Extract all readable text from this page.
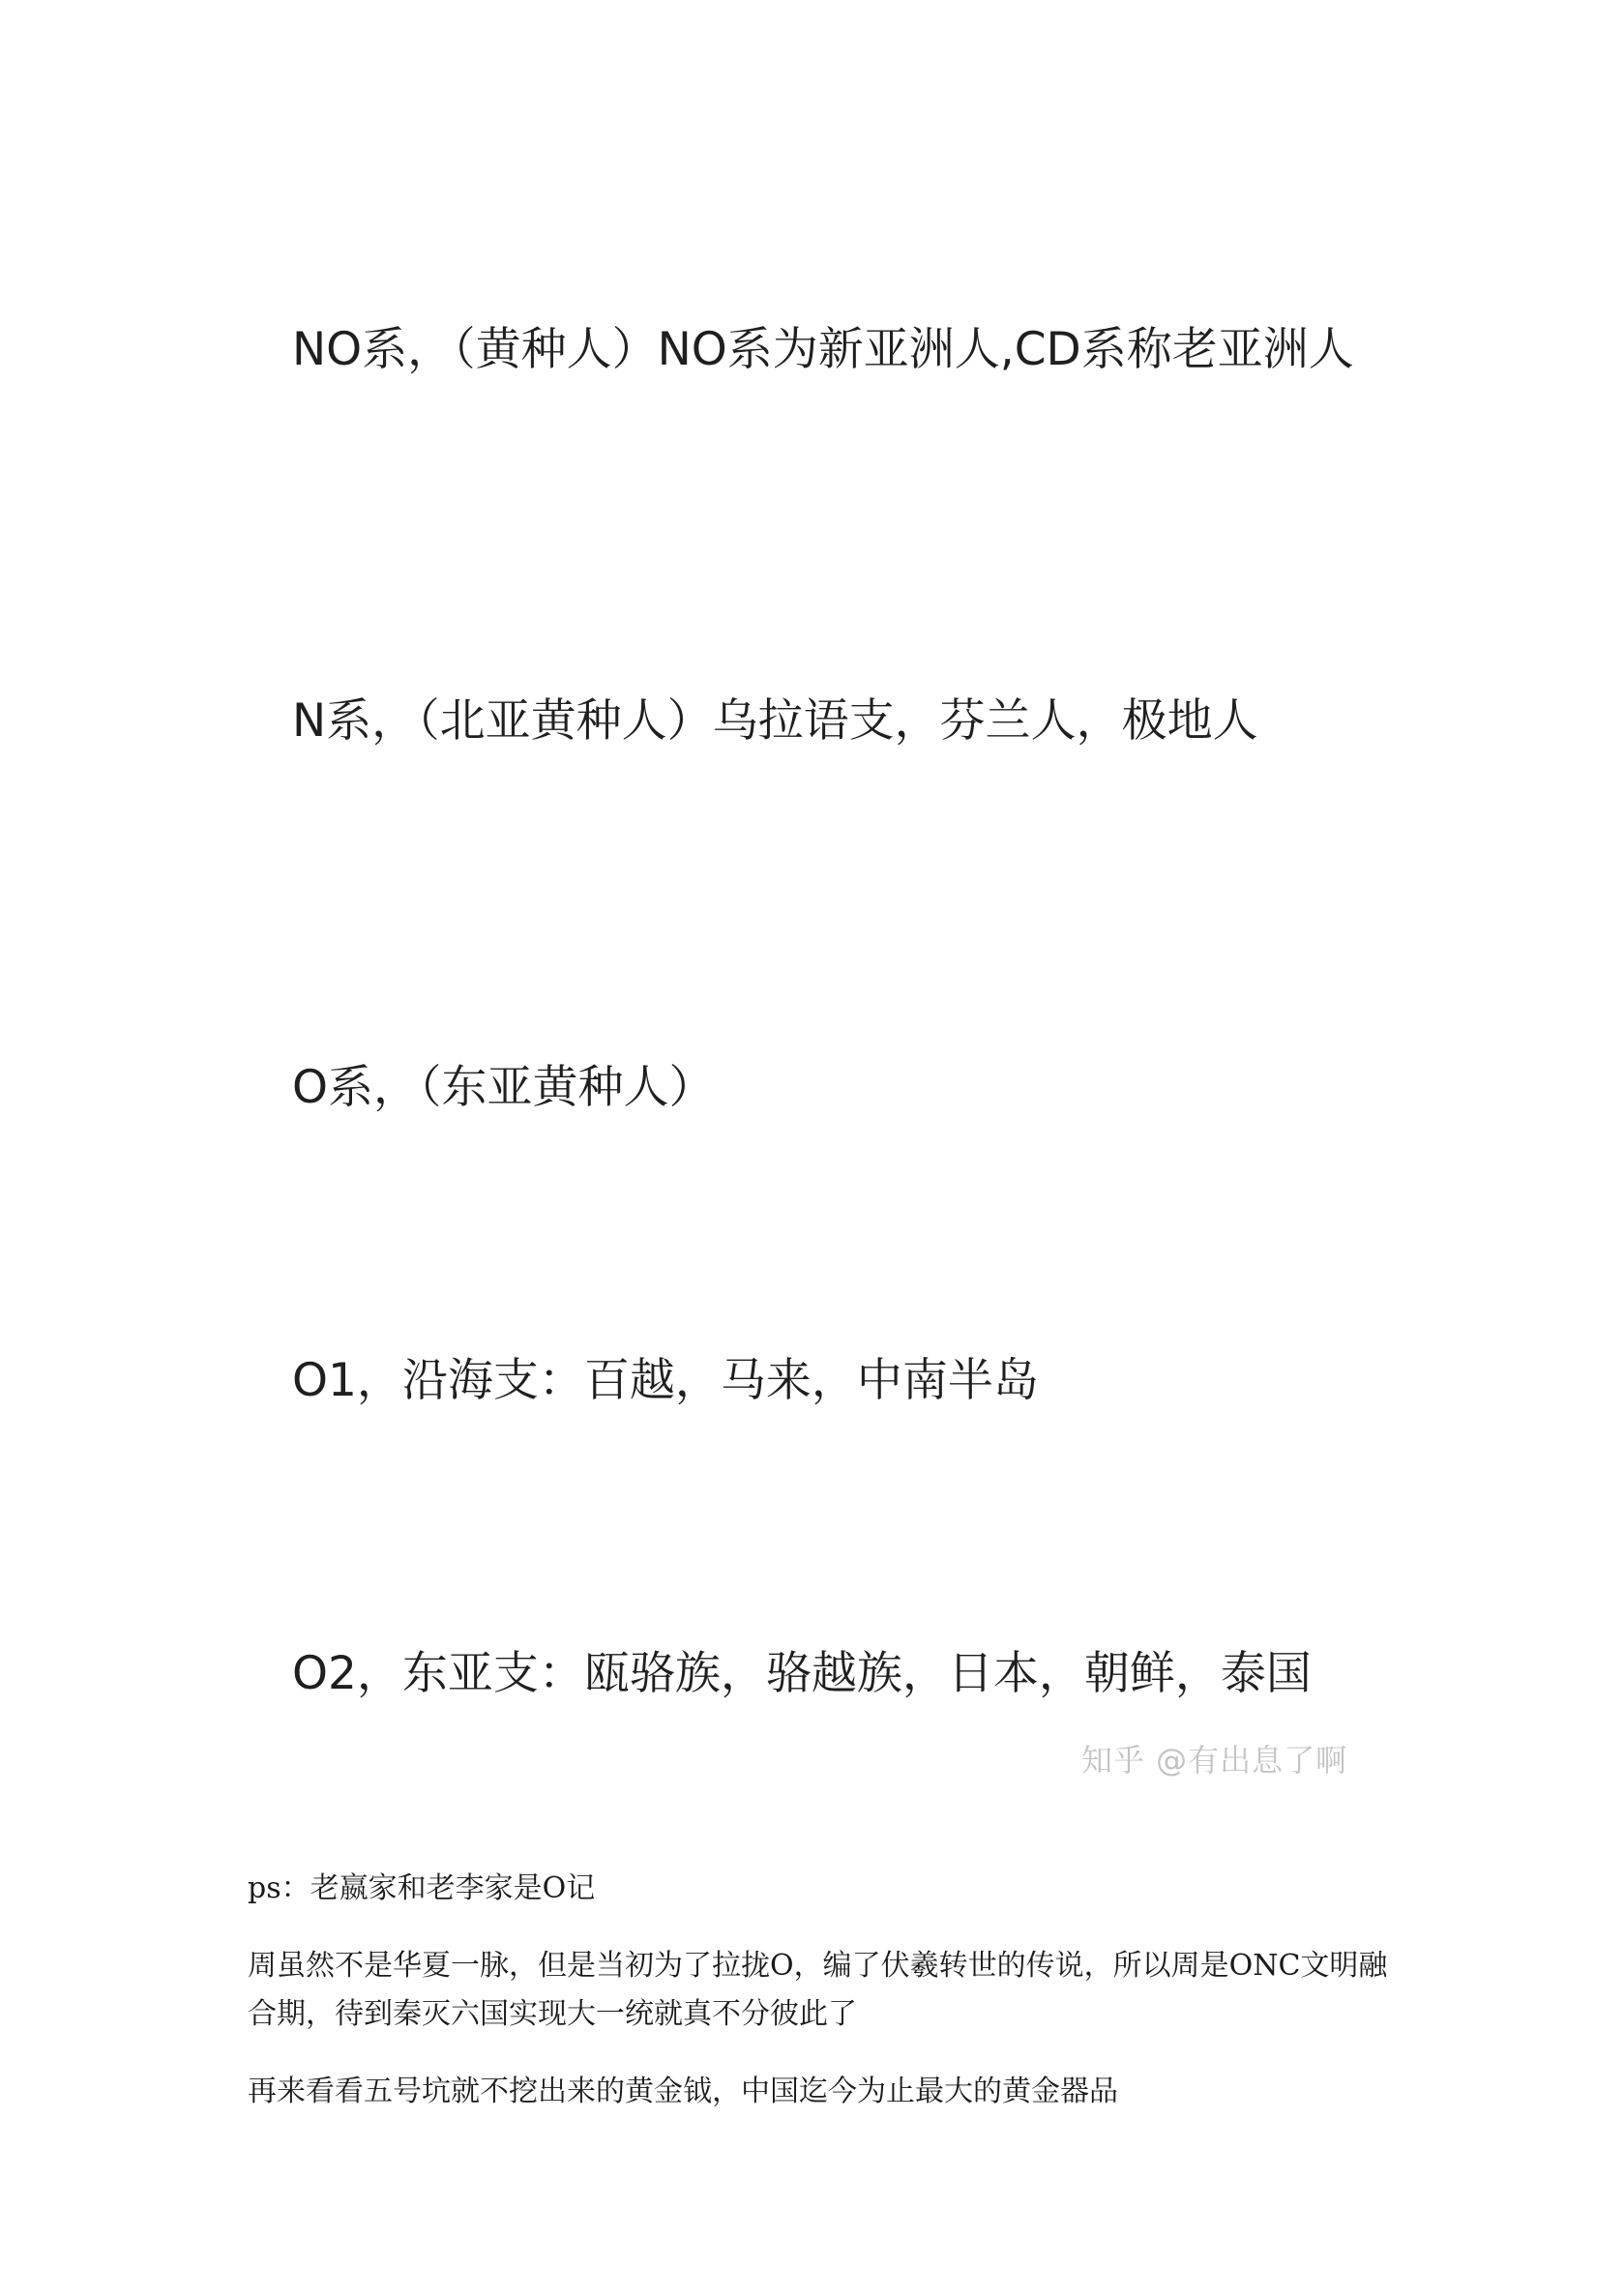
NO系，（黄种人）NO系为新亚洲人,CD系称老亚洲人

N系，（北亚黄种人）乌拉语支，芬兰人，极地人

O系，（东亚黄种人）

O1，沿海支：百越，马来，中南半岛

O2，东亚支：瓯骆族，骆越族，日本，朝鲜，泰国

知乎 @有出息了啊

ps：老嬴家和老李家是O记

周虽然不是华夏一脉，但是当初为了拉拢O，编了伏羲转世的传说，所以周是ONC文明融合期，待到秦灭六国实现大一统就真不分彼此了

再来看看五号坑就不挖出来的黄金钺，中国迄今为止最大的黄金器品
